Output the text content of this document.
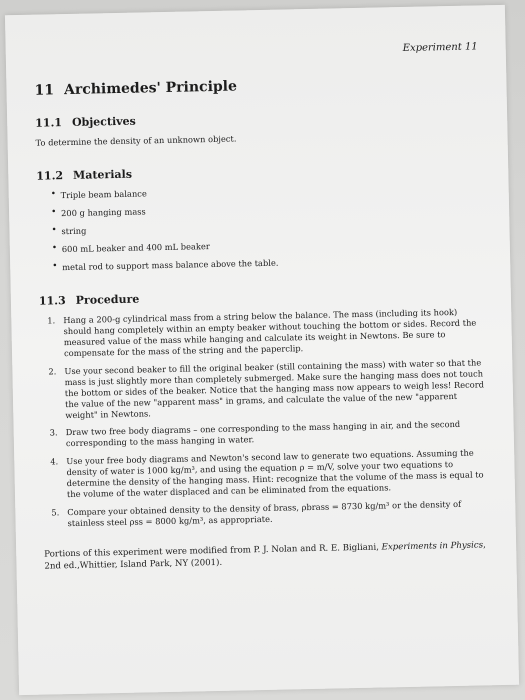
Experiment 11
11 Archimedes' Principle
11.1 Objectives

To determine the density of an unknown object.

11.2 Materials
• Triple beam balance
• 200 g hanging mass
• string
• 600 mL beaker and 400 mL beaker
• metal rod to support mass balance above the table.
11.3 Procedure
1. Hang a 200-g cylindrical mass from a string below the balance. The mass (including its hook) should hang completely within an empty beaker without touching the bottom or sides. Record the measured value of the mass while hanging and calculate its weight in Newtons. Be sure to compensate for the mass of the string and the paperclip.
2. Use your second beaker to fill the original beaker (still containing the mass) with water so that the mass is just slightly more than completely submerged. Make sure the hanging mass does not touch the bottom or sides of the beaker. Notice that the hanging mass now appears to weigh less! Record the value of the new "apparent mass" in grams, and calculate the value of the new "apparent weight" in Newtons.
3. Draw two free body diagrams – one corresponding to the mass hanging in air, and the second corresponding to the mass hanging in water.
4. Use your free body diagrams and Newton's second law to generate two equations. Assuming the density of water is 1000 kg/m³, and using the equation ρ = m/V, solve your two equations to determine the density of the hanging mass. Hint: recognize that the volume of the mass is equal to the volume of the water displaced and can be eliminated from the equations.
5. Compare your obtained density to the density of brass, ρbrass = 8730 kg/m³ or the density of stainless steel ρss = 8000 kg/m³, as appropriate.

Portions of this experiment were modified from P. J. Nolan and R. E. Bigliani, Experiments in Physics, 2nd ed.,Whittier, Island Park, NY (2001).
